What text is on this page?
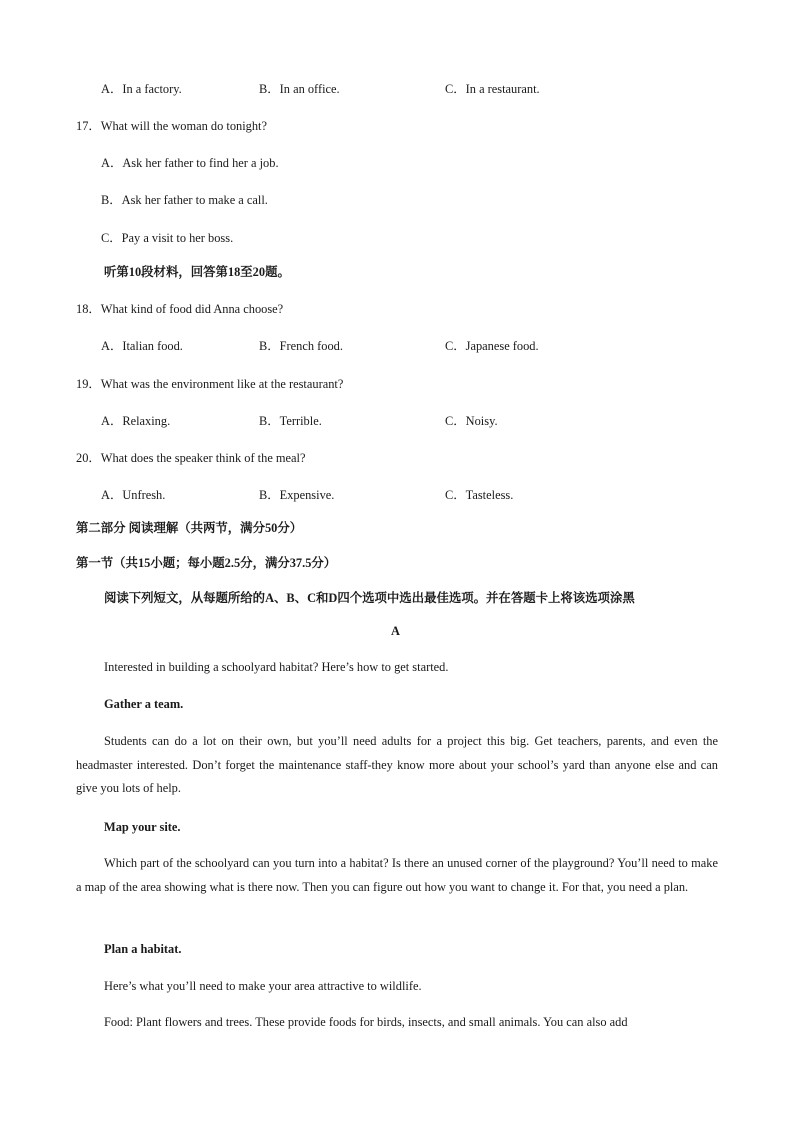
A．In a factory.	B．In an office.	C．In a restaurant.
17．What will the woman do tonight?
A．Ask her father to find her a job.
B．Ask her father to make a call.
C．Pay a visit to her boss.
听第10段材料，回答第18至20题。
18．What kind of food did Anna choose?
A．Italian food.	B．French food.	C．Japanese food.
19．What was the environment like at the restaurant?
A．Relaxing.	B．Terrible.	C．Noisy.
20．What does the speaker think of the meal?
A．Unfresh.	B．Expensive.	C．Tasteless.
第二部分 阅读理解（共两节，满分50分）
第一节（共15小题；每小题2.5分，满分37.5分）
阅读下列短文，从每题所给的A、B、C和D四个选项中选出最佳选项。并在答题卡上将该选项涂黑
A
Interested in building a schoolyard habitat? Here’s how to get started.
Gather a team.
Students can do a lot on their own, but you’ll need adults for a project this big. Get teachers, parents, and even the headmaster interested. Don’t forget the maintenance staff-they know more about your school’s yard than anyone else and can give you lots of help.
Map your site.
Which part of the schoolyard can you turn into a habitat? Is there an unused corner of the playground? You’ll need to make a map of the area showing what is there now. Then you can figure out how you want to change it. For that, you need a plan.
Plan a habitat.
Here’s what you’ll need to make your area attractive to wildlife.
Food: Plant flowers and trees. These provide foods for birds, insects, and small animals. You can also add
